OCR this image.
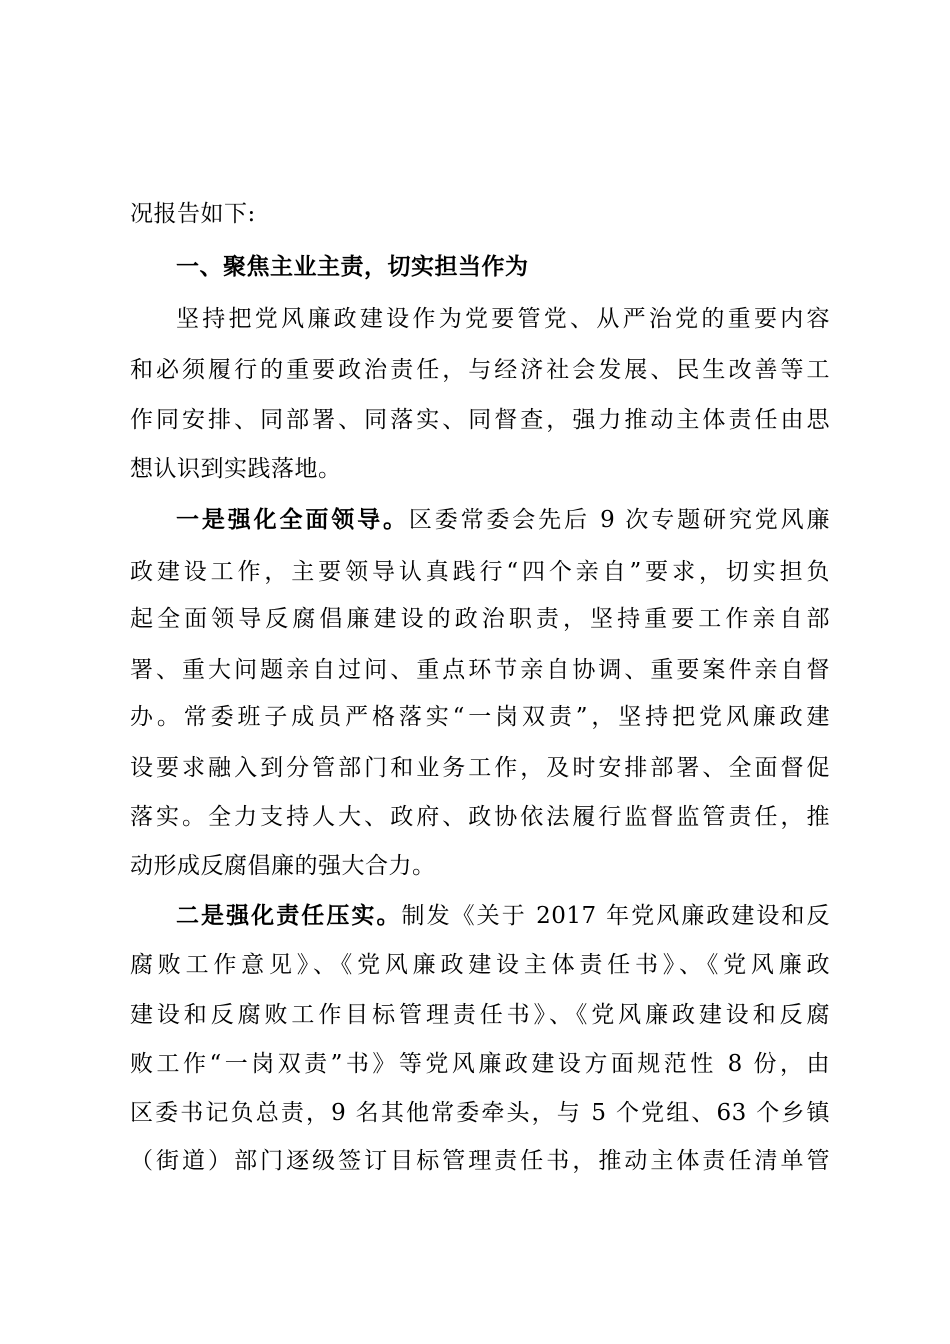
况报告如下:
一、聚焦主业主责，切实担当作为
坚持把党风廉政建设作为党要管党、从严治党的重要内容
和必须履行的重要政治责任，与经济社会发展、民生改善等工
作同安排、同部署、同落实、同督查，强力推动主体责任由思
想认识到实践落地。
一是强化全面领导。区委常委会先后 9 次专题研究党风廉
政建设工作，主要领导认真践行“四个亲自”要求，切实担负
起全面领导反腐倡廉建设的政治职责，坚持重要工作亲自部
署、重大问题亲自过问、重点环节亲自协调、重要案件亲自督
办。常委班子成员严格落实“一岗双责”，坚持把党风廉政建
设要求融入到分管部门和业务工作，及时安排部署、全面督促
落实。全力支持人大、政府、政协依法履行监督监管责任，推
动形成反腐倡廉的强大合力。
二是强化责任压实。制发《关于 2017 年党风廉政建设和反
腐败工作意见》、《党风廉政建设主体责任书》、《党风廉政
建设和反腐败工作目标管理责任书》、《党风廉政建设和反腐
败工作“一岗双责”书》等党风廉政建设方面规范性 8 份，由
区委书记负总责，9 名其他常委牵头，与 5 个党组、63 个乡镇
（街道）部门逐级签订目标管理责任书，推动主体责任清单管
